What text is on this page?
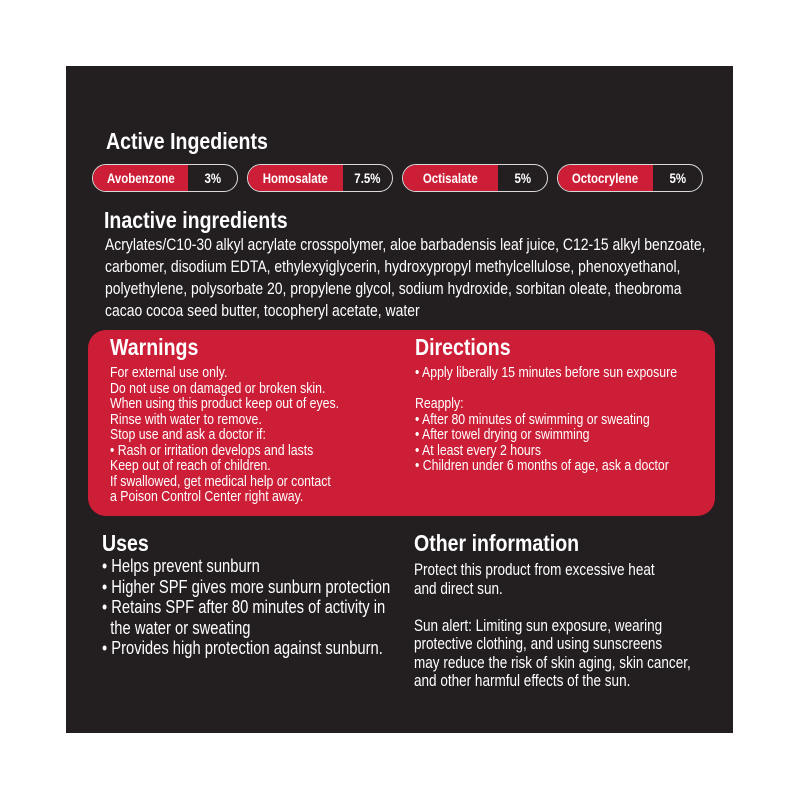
Active Ingedients
Avobenzone 3%	Homosalate 7.5%	Octisalate	5%	Octocrylene 5%
Inactive ingredients
Acrylates/C10-30 alkyl acrylate crosspolymer, aloe barbadensis leaf juice, C12-15 alkyl benzoate,
carbomer, disodium EDTA, ethylexyiglycerin, hydroxypropyl methylcellulose, phenoxyethanol,
polyethylene, polysorbate 20, propylene glycol, sodium hydroxide, sorbitan oleate, theobroma
cacao cocoa seed butter, tocopheryl acetate, water
Warnings
For external use only.
Do not use on damaged or broken skin.
When using this product keep out of eyes.
Rinse with water to remove.
Stop use and ask a doctor if:
• Rash or irritation develops and lasts
Keep out of reach of children.
If swallowed, get medical help or contact
a Poison Control Center right away.
Directions
• Apply liberally 15 minutes before sun exposure
Reapply:
• After 80 minutes of swimming or sweating
• After towel drying or swimming
• At least every 2 hours
• Children under 6 months of age, ask a doctor
Uses
• Helps prevent sunburn
• Higher SPF gives more sunburn protection
• Retains SPF after 80 minutes of activity in
the water or sweating
• Provides high protection against sunburn.
Other information
Protect this product from excessive heat
and direct sun.
Sun alert: Limiting sun exposure, wearing
protective clothing, and using sunscreens
may reduce the risk of skin aging, skin cancer,
and other harmful effects of the sun.
